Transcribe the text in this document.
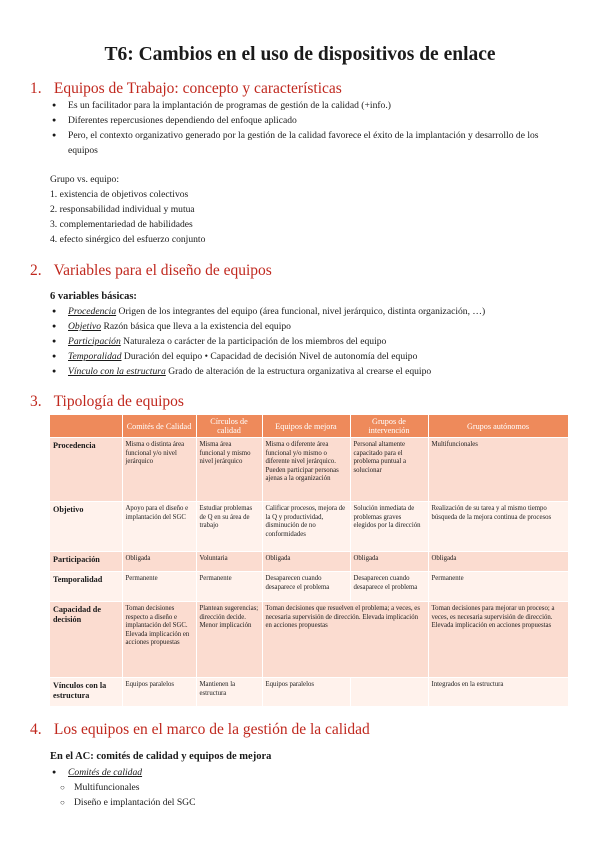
T6: Cambios en el uso de dispositivos de enlace
1. Equipos de Trabajo: concepto y características
● Es un facilitador para la implantación de programas de gestión de la calidad (+info.)
● Diferentes repercusiones dependiendo del enfoque aplicado
● Pero, el contexto organizativo generado por la gestión de la calidad favorece el éxito de la implantación y desarrollo de los equipos

Grupo vs. equipo:

1. existencia de objetivos colectivos
2. responsabilidad individual y mutua
3. complementariedad de habilidades
4. efecto sinérgico del esfuerzo conjunto
2. Variables para el diseño de equipos

6 variables básicas:

● Procedencia Origen de los integrantes del equipo (área funcional, nivel jerárquico, distinta organización, …)
● Objetivo Razón básica que lleva a la existencia del equipo
● Participación Naturaleza o carácter de la participación de los miembros del equipo
● Temporalidad Duración del equipo • Capacidad de decisión Nivel de autonomía del equipo
● Vínculo con la estructura Grado de alteración de la estructura organizativa al crearse el equipo
3. Tipología de equipos
	Comités de Calidad	Círculos de calidad	Equipos de mejora	Grupos de intervención	Grupos autónomos
Procedencia	Misma o distinta área funcional y/o nivel jerárquico	Misma área funcional y mismo nivel jerárquico	Misma o diferente área funcional y/o mismo o diferente nivel jerárquico. Pueden participar personas ajenas a la organización	Personal altamente capacitado para el problema puntual a solucionar	Multifuncionales
Objetivo	Apoyo para el diseño e implantación del SGC	Estudiar problemas de Q en su área de trabajo	Calificar procesos, mejora de la Q y productividad, disminución de no conformidades	Solución inmediata de problemas graves elegidos por la dirección	Realización de su tarea y al mismo tiempo búsqueda de la mejora continua de procesos
Participación	Obligada	Voluntaria	Obligada	Obligada	Obligada
Temporalidad	Permanente	Permanente	Desaparecen cuando desaparece el problema	Desaparecen cuando desaparece el problema	Permanente
Capacidad de decisión	Toman decisiones respecto a diseño e implantación del SGC. Elevada implicación en acciones propuestas	Plantean sugerencias; dirección decide. Menor implicación	Toman decisiones que resuelven el problema; a veces, es necesaria supervisión de dirección. Elevada implicación en acciones propuestas		Toman decisiones para mejorar un proceso; a veces, es necesaria supervisión de dirección. Elevada implicación en acciones propuestas
Vínculos con la estructura	Equipos paralelos	Mantienen la estructura	Equipos paralelos		Integrados en la estructura
4. Los equipos en el marco de la gestión de la calidad

En el AC: comités de calidad y equipos de mejora

● Comités de calidad
○ Multifuncionales
○ Diseño e implantación del SGC
